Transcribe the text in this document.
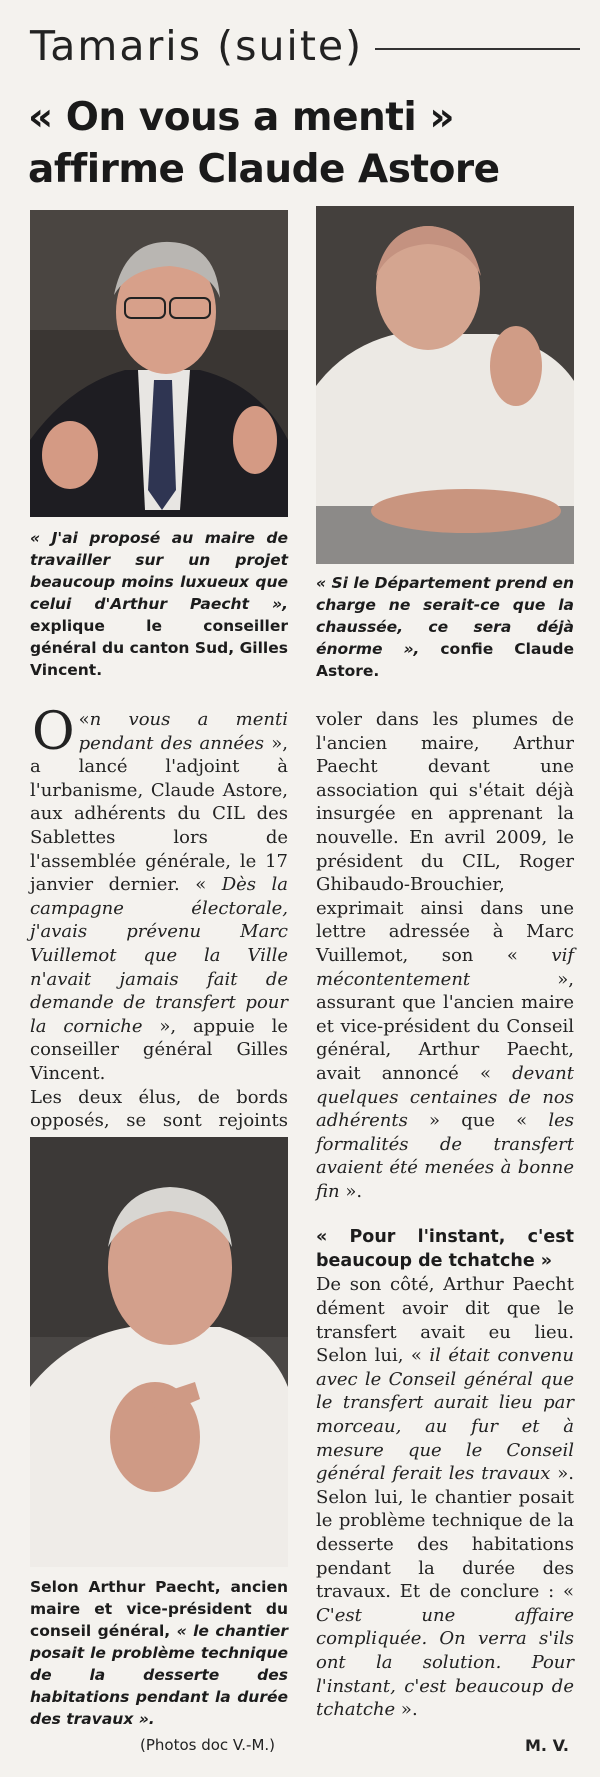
Tamaris (suite)
« On vous a menti »
affirme Claude Astore
« J'ai proposé au maire de travailler sur un projet beaucoup moins luxueux que celui d'Arthur Paecht », explique le conseiller général du canton Sud, Gilles Vincent.
« Si le Département prend en charge ne serait-ce que la chaussée, ce sera déjà énorme », confie Claude Astore.

«
O n vous a menti pendant des années », a lancé l'adjoint à l'urbanisme, Claude Astore, aux adhérents du CIL des Sablettes lors de l'assemblée générale, le 17 janvier dernier. « Dès la campagne électorale, j'avais prévenu Marc Vuillemot que la Ville n'avait jamais fait de demande de transfert pour la corniche », appuie le conseiller général Gilles Vincent.

Les deux élus, de bords opposés, se sont rejoints

Selon Arthur Paecht, ancien maire et vice-président du conseil général, « le chantier posait le problème technique de la desserte des habitations pendant la durée des travaux ».
(Photos doc V.-M.)

voler dans les plumes de l'ancien maire, Arthur Paecht devant une association qui s'était déjà insurgée en apprenant la nouvelle. En avril 2009, le président du CIL, Roger Ghibaudo-Brouchier, exprimait ainsi dans une lettre adressée à Marc Vuillemot, son « vif mécontentement », assurant que l'ancien maire et vice-président du Conseil général, Arthur Paecht, avait annoncé « devant quelques centaines de nos adhérents » que « les formalités de transfert avaient été menées à bonne fin ».

« Pour l'instant, c'est beaucoup de tchatche »

De son côté, Arthur Paecht dément avoir dit que le transfert avait eu lieu. Selon lui, « il était convenu avec le Conseil général que le transfert aurait lieu par morceau, au fur et à mesure que le Conseil général ferait les travaux ». Selon lui, le chantier posait le problème technique de la desserte des habitations pendant la durée des travaux. Et de conclure : « C'est une affaire compliquée. On verra s'ils ont la solution. Pour l'instant, c'est beaucoup de tchatche ».

M. V.
